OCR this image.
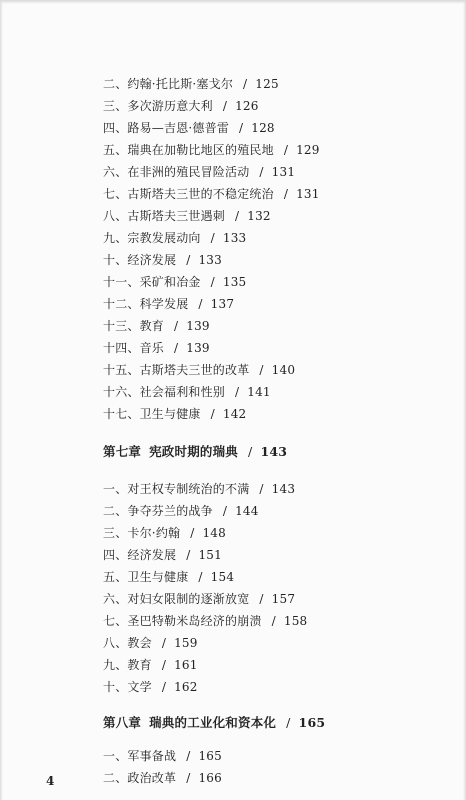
二、约翰·托比斯·塞戈尔 / 125
三、多次游历意大利 / 126
四、路易—吉恩·德普雷 / 128
五、瑞典在加勒比地区的殖民地 / 129
六、在非洲的殖民冒险活动 / 131
七、古斯塔夫三世的不稳定统治 / 131
八、古斯塔夫三世遇刺 / 132
九、宗教发展动向 / 133
十、经济发展 / 133
十一、采矿和冶金 / 135
十二、科学发展 / 137
十三、教育 / 139
十四、音乐 / 139
十五、古斯塔夫三世的改革 / 140
十六、社会福利和性别 / 141
十七、卫生与健康 / 142
第七章 宪政时期的瑞典 / 143
一、对王权专制统治的不满 / 143
二、争夺芬兰的战争 / 144
三、卡尔·约翰 / 148
四、经济发展 / 151
五、卫生与健康 / 154
六、对妇女限制的逐渐放宽 / 157
七、圣巴特勒米岛经济的崩溃 / 158
八、教会 / 159
九、教育 / 161
十、文学 / 162
第八章 瑞典的工业化和资本化 / 165
一、军事备战 / 165
二、政治改革 / 166
4
